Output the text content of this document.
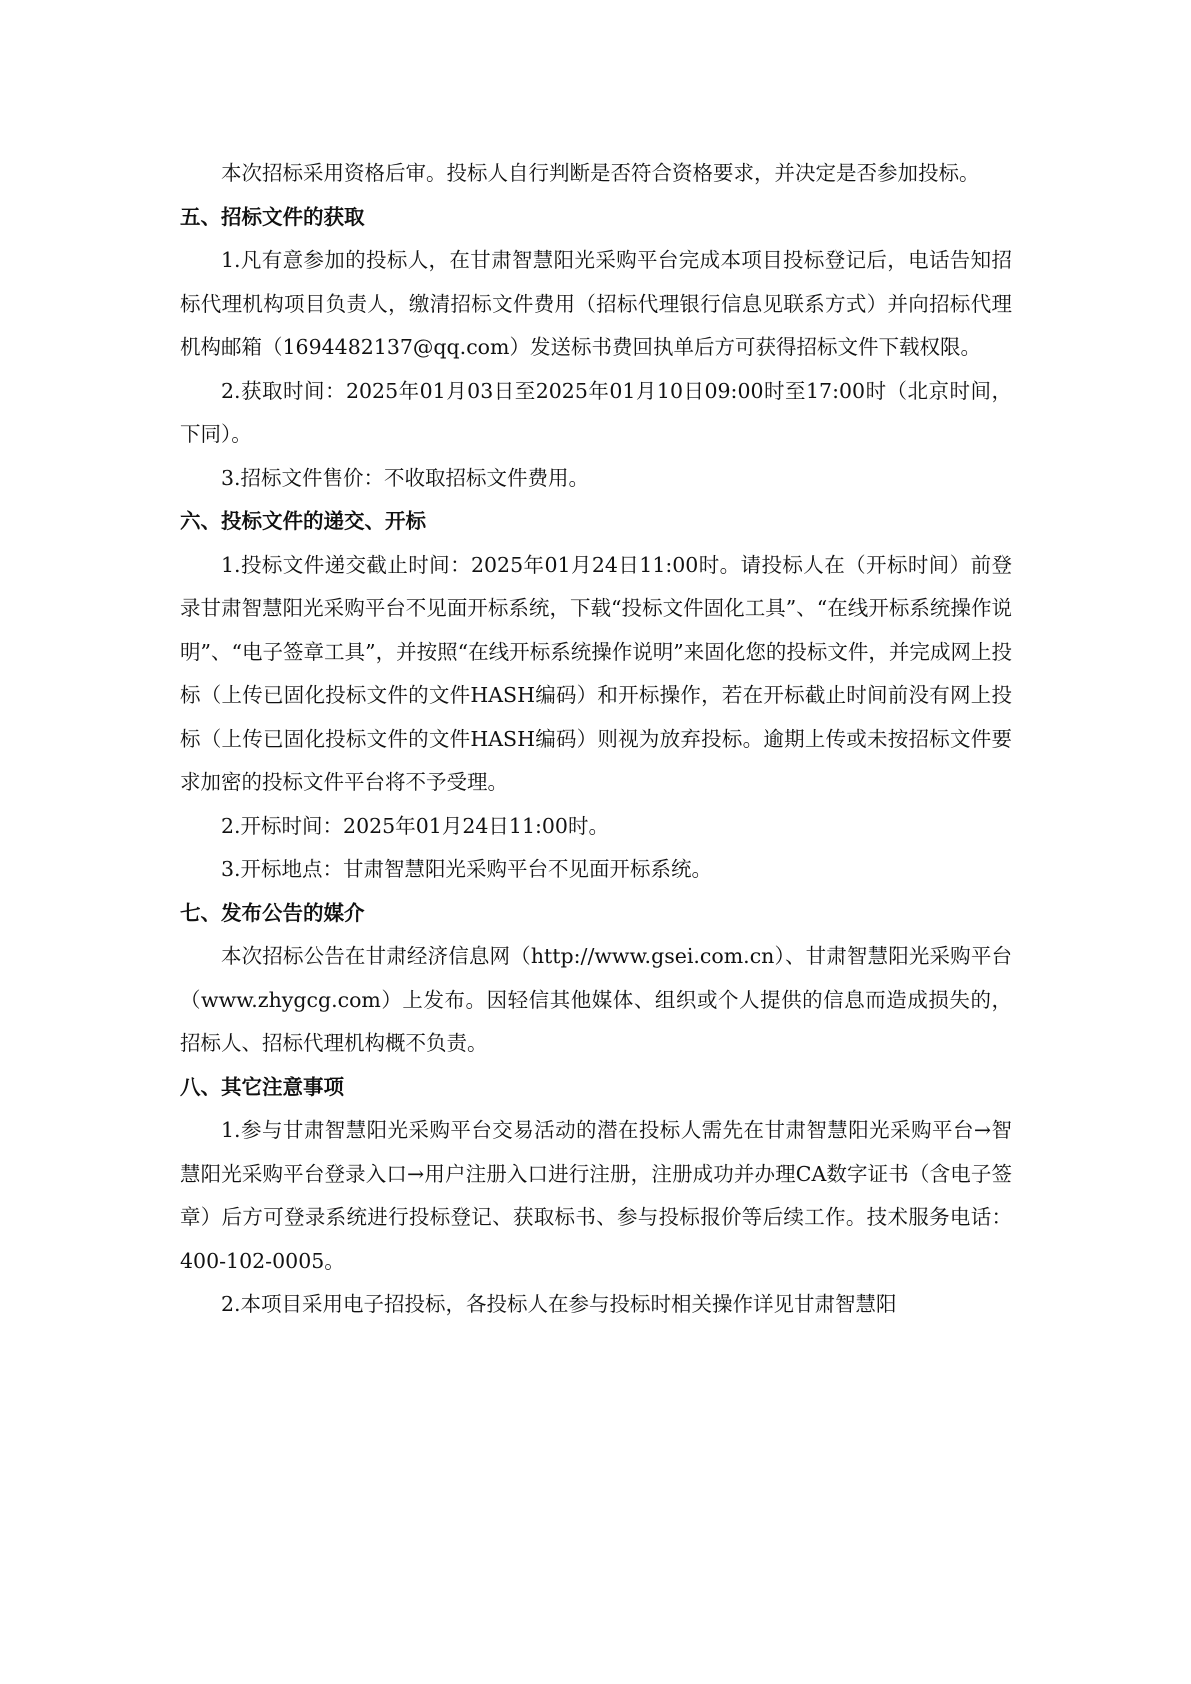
本次招标采用资格后审。投标人自行判断是否符合资格要求，并决定是否参加投标。

五、招标文件的获取

1.凡有意参加的投标人，在甘肃智慧阳光采购平台完成本项目投标登记后，电话告知招标代理机构项目负责人，缴清招标文件费用（招标代理银行信息见联系方式）并向招标代理机构邮箱（1694482137@qq.com）发送标书费回执单后方可获得招标文件下载权限。

2.获取时间：2025年01月03日至2025年01月10日09:00时至17:00时（北京时间，下同）。

3.招标文件售价：不收取招标文件费用。

六、投标文件的递交、开标

1.投标文件递交截止时间：2025年01月24日11:00时。请投标人在（开标时间）前登录甘肃智慧阳光采购平台不见面开标系统，下载“投标文件固化工具”、“在线开标系统操作说明”、“电子签章工具”，并按照“在线开标系统操作说明”来固化您的投标文件，并完成网上投标（上传已固化投标文件的文件HASH编码）和开标操作，若在开标截止时间前没有网上投标（上传已固化投标文件的文件HASH编码）则视为放弃投标。逾期上传或未按招标文件要求加密的投标文件平台将不予受理。

2.开标时间：2025年01月24日11:00时。

3.开标地点：甘肃智慧阳光采购平台不见面开标系统。

七、发布公告的媒介

本次招标公告在甘肃经济信息网（http://www.gsei.com.cn）、甘肃智慧阳光采购平台（www.zhygcg.com）上发布。因轻信其他媒体、组织或个人提供的信息而造成损失的，招标人、招标代理机构概不负责。

八、其它注意事项

1.参与甘肃智慧阳光采购平台交易活动的潜在投标人需先在甘肃智慧阳光采购平台→智慧阳光采购平台登录入口→用户注册入口进行注册，注册成功并办理CA数字证书（含电子签章）后方可登录系统进行投标登记、获取标书、参与投标报价等后续工作。技术服务电话：400-102-0005。

2.本项目采用电子招投标，各投标人在参与投标时相关操作详见甘肃智慧阳
